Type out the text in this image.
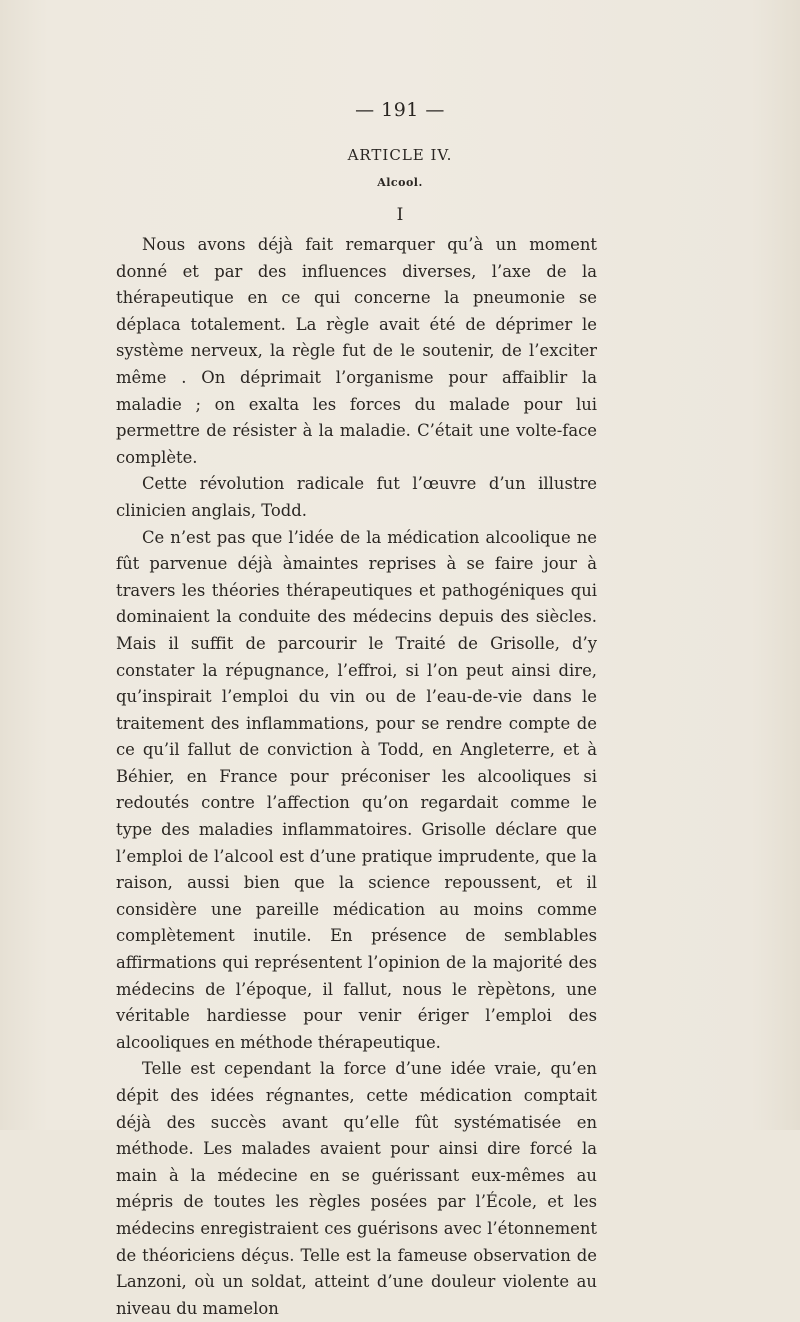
— 191 —
ARTICLE IV.
Alcool.
I

Nous avons déjà fait remarquer qu’à un moment donné et par des influences diverses, l’axe de la thérapeutique en ce qui concerne la pneumonie se déplaca totalement. La règle avait été de déprimer le système nerveux, la règle fut de le soutenir, de l’exciter même . On déprimait l’organisme pour affaiblir la maladie ; on exalta les forces du malade pour lui permettre de résister à la maladie. C’était une volte-face complète.

Cette révolution radicale fut l’œuvre d’un illustre clinicien anglais, Todd.

Ce n’est pas que l’idée de la médication alcoolique ne fût parvenue déjà àmaintes reprises à se faire jour à travers les théories thérapeutiques et pathogéniques qui dominaient la conduite des médecins depuis des siècles. Mais il suffit de parcourir le Traité de Grisolle, d’y constater la répugnance, l’effroi, si l’on peut ainsi dire, qu’inspirait l’emploi du vin ou de l’eau-de-vie dans le traitement des inflammations, pour se rendre compte de ce qu’il fallut de conviction à Todd, en Angleterre, et à Béhier, en France pour préconiser les alcooliques si redoutés contre l’affection qu’on regardait comme le type des maladies inflammatoires. Grisolle déclare que l’emploi de l’alcool est d’une pratique imprudente, que la raison, aussi bien que la science repoussent, et il considère une pareille médication au moins comme complètement inutile. En présence de semblables affirmations qui représentent l’opinion de la majorité des médecins de l’époque, il fallut, nous le rèpètons, une véritable hardiesse pour venir ériger l’emploi des alcooliques en méthode thérapeutique.

Telle est cependant la force d’une idée vraie, qu’en dépit des idées régnantes, cette médication comptait déjà des succès avant qu’elle fût systématisée en méthode. Les malades avaient pour ainsi dire forcé la main à la médecine en se guérissant eux-mêmes au mépris de toutes les règles posées par l’École, et les médecins enregistraient ces guérisons avec l’étonnement de théoriciens déçus. Telle est la fameuse observation de Lanzoni, où un soldat, atteint d’une douleur violente au niveau du mamelon
